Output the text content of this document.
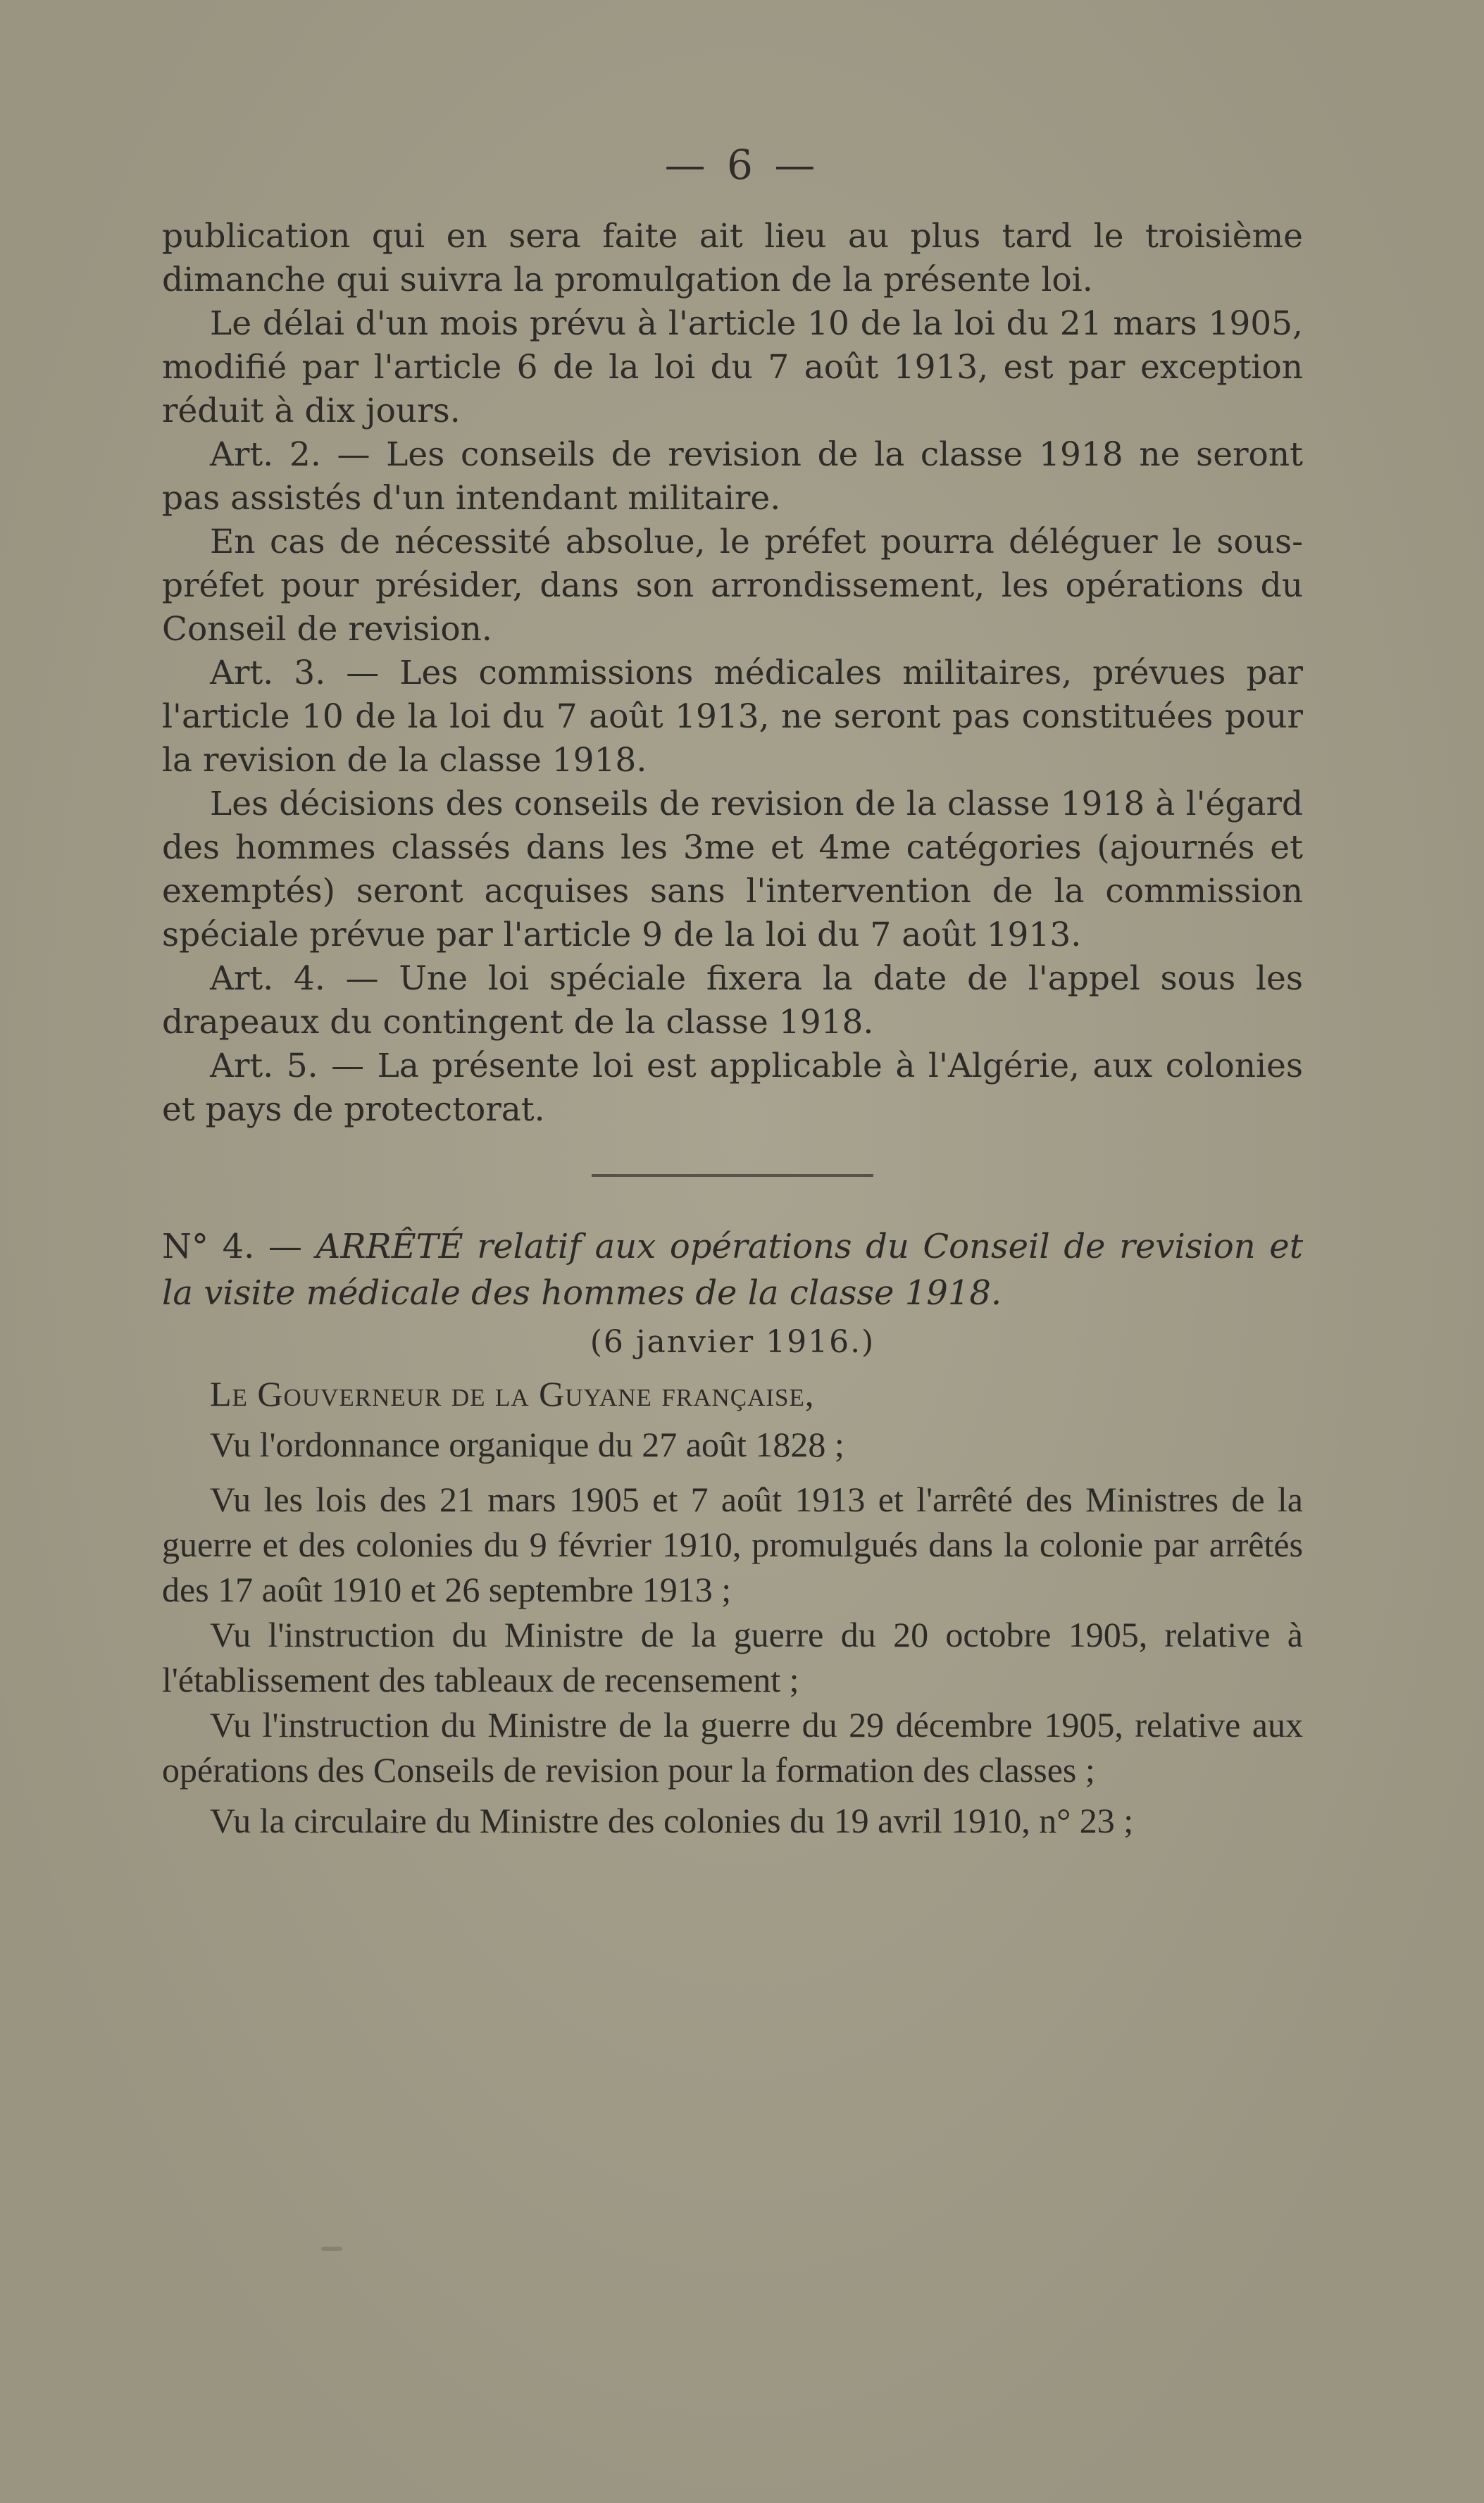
— 6 —

publication qui en sera faite ait lieu au plus tard le troisième dimanche qui suivra la promulgation de la présente loi.

Le délai d'un mois prévu à l'article 10 de la loi du 21 mars 1905, modifié par l'article 6 de la loi du 7 août 1913, est par exception réduit à dix jours.

Art. 2. — Les conseils de revision de la classe 1918 ne seront pas assistés d'un intendant militaire.

En cas de nécessité absolue, le préfet pourra déléguer le sous-préfet pour présider, dans son arrondissement, les opérations du Conseil de revision.

Art. 3. — Les commissions médicales militaires, prévues par l'article 10 de la loi du 7 août 1913, ne seront pas constituées pour la revision de la classe 1918.

Les décisions des conseils de revision de la classe 1918 à l'égard des hommes classés dans les 3me et 4me catégories (ajournés et exemptés) seront acquises sans l'intervention de la commission spéciale prévue par l'article 9 de la loi du 7 août 1913.

Art. 4. — Une loi spéciale fixera la date de l'appel sous les drapeaux du contingent de la classe 1918.

Art. 5. — La présente loi est applicable à l'Algérie, aux colonies et pays de protectorat.

N° 4. — ARRÊTÉ relatif aux opérations du Conseil de revision et la visite médicale des hommes de la classe 1918.

(6 janvier 1916.)

Le Gouverneur de la Guyane française,

Vu l'ordonnance organique du 27 août 1828 ;

Vu les lois des 21 mars 1905 et 7 août 1913 et l'arrêté des Ministres de la guerre et des colonies du 9 février 1910, promulgués dans la colonie par arrêtés des 17 août 1910 et 26 septembre 1913 ;

Vu l'instruction du Ministre de la guerre du 20 octobre 1905, relative à l'établissement des tableaux de recensement ;

Vu l'instruction du Ministre de la guerre du 29 décembre 1905, relative aux opérations des Conseils de revision pour la formation des classes ;

Vu la circulaire du Ministre des colonies du 19 avril 1910, n° 23 ;
